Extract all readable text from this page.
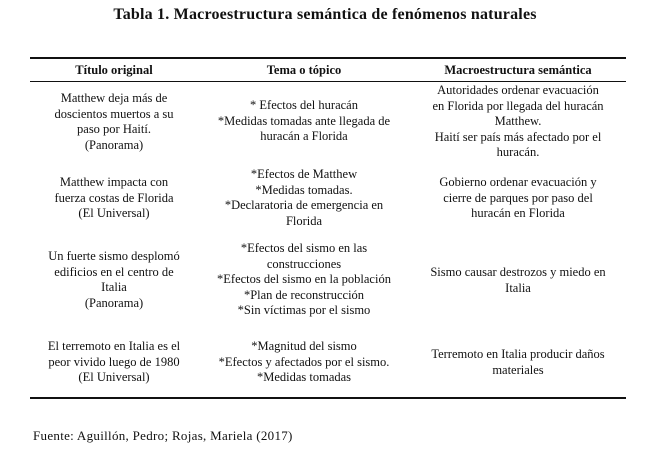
Tabla 1. Macroestructura semántica de fenómenos naturales
Título original	Tema o tópico	Macroestructura semántica
Matthew deja más de
doscientos muertos a su
paso por Haití.
(Panorama)
* Efectos del huracán
*Medidas tomadas ante llegada de
huracán a Florida
Autoridades ordenar evacuación
en Florida por llegada del huracán
Matthew.
Haití ser país más afectado por el
huracán.
Matthew impacta con
fuerza costas de Florida
(El Universal)
*Efectos de Matthew
*Medidas tomadas.
*Declaratoria de emergencia en
Florida
Gobierno ordenar evacuación y
cierre de parques por paso del
huracán en Florida
Un fuerte sismo desplomó
edificios en el centro de
Italia
(Panorama)
*Efectos del sismo en las
construcciones
*Efectos del sismo en la población
*Plan de reconstrucción
*Sin víctimas por el sismo
Sismo causar destrozos y miedo en
Italia
El terremoto en Italia es el
peor vivido luego de 1980
(El Universal)
*Magnitud del sismo
*Efectos y afectados por el sismo.
*Medidas tomadas
Terremoto en Italia producir daños
materiales
Fuente: Aguillón, Pedro; Rojas, Mariela (2017)
